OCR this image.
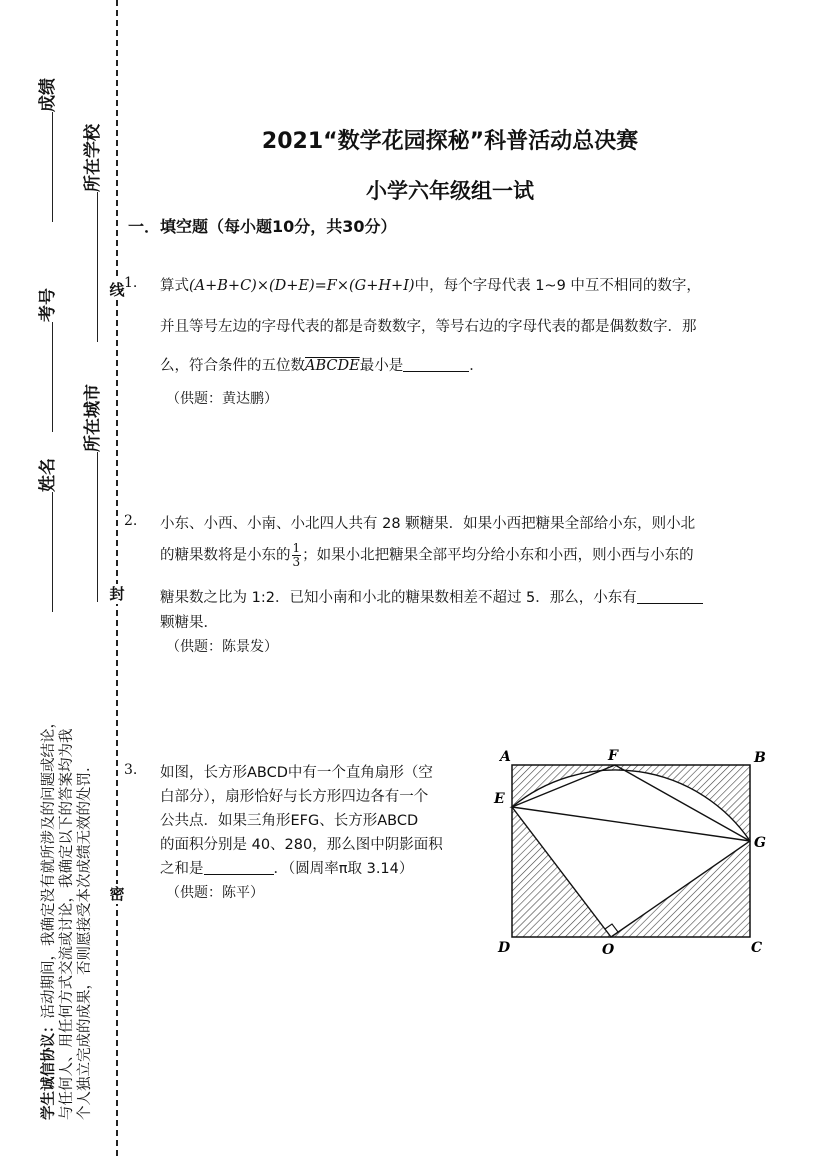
线
封
密
成绩
考号
姓名
所在学校
所在城市
学生诚信协议：活动期间，我确定没有就所涉及的问题或结论， 与任何人、用任何方式交流或讨论，我确定以下的答案均为我 个人独立完成的成果，否则愿接受本次成绩无效的处罚．
2021“数学花园探秘”科普活动总决赛
小学六年级组一试
一．填空题（每小题10分，共30分）
1. 算式(A+B+C)×(D+E)=F×(G+H+I)中，每个字母代表 1~9 中互不相同的数字，
并且等号左边的字母代表的都是奇数数字，等号右边的字母代表的都是偶数数字．那
么，符合条件的五位数ABCDE最小是	．
（供题：黄达鹏）
2. 小东、小西、小南、小北四人共有 28 颗糖果．如果小西把糖果全部给小东，则小北
的糖果数将是小东的 $\frac{1}{3}$ ；如果小北把糖果全部平均分给小东和小西，则小西与小东的
糖果数之比为 1:2．已知小南和小北的糖果数相差不超过 5．那么，小东有
颗糖果．
（供题：陈景发）
3. 如图，长方形ABCD中有一个直角扇形（空
白部分），扇形恰好与长方形四边各有一个
公共点．如果三角形EFG、长方形ABCD
的面积分别是 40、280，那么图中阴影面积
之和是	．（圆周率π取 3.14）
（供题：陈平）
A	F	B
E
G
D	O	C
